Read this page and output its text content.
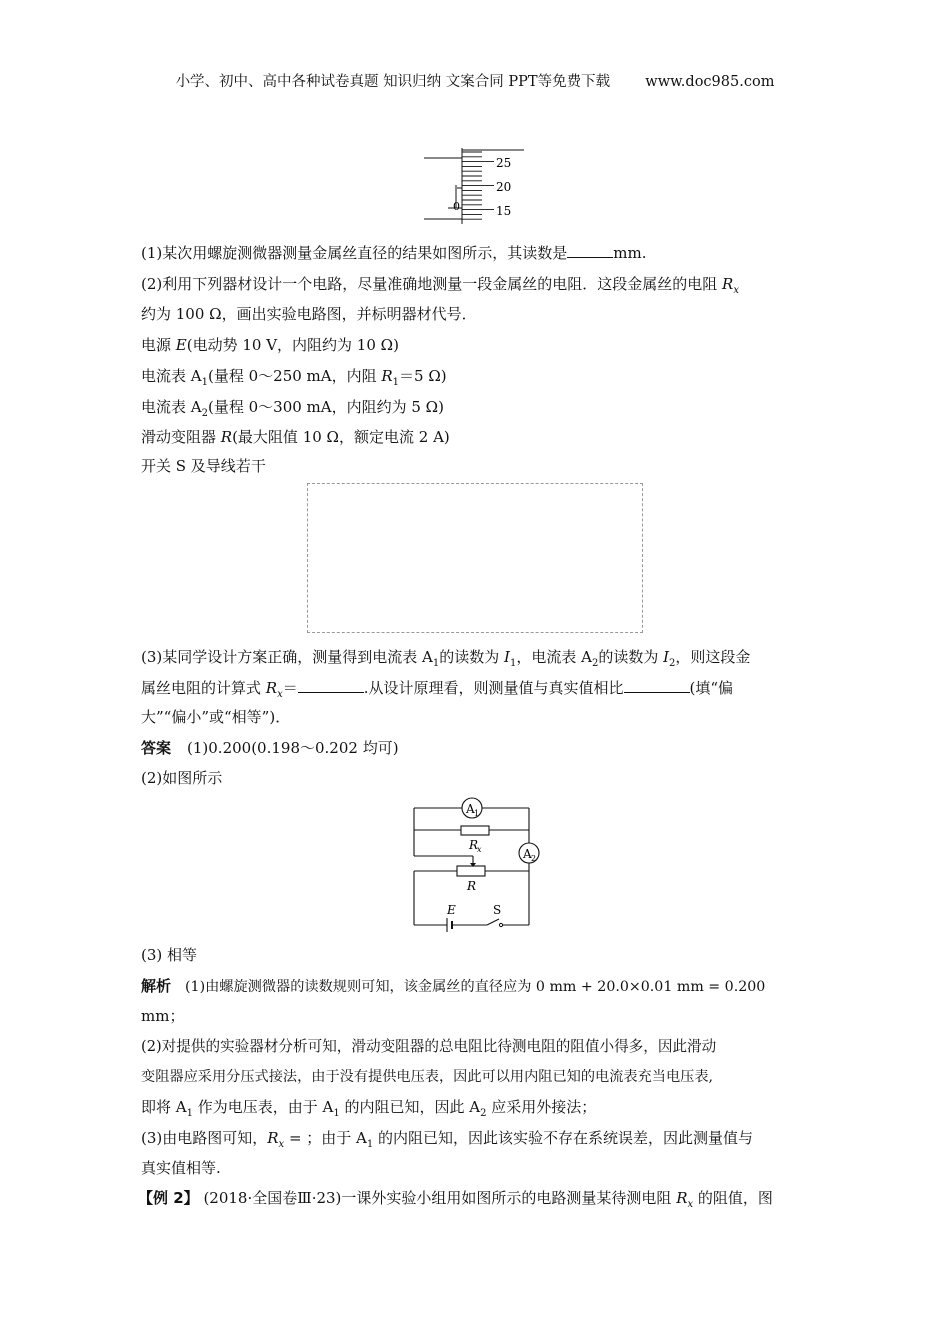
小学、初中、高中各种试卷真题 知识归纳 文案合同 PPT等免费下载 www.doc985.com
25
20
15
0
(1)某次用螺旋测微器测量金属丝直径的结果如图所示，其读数是	mm.
(2)利用下列器材设计一个电路，尽量准确地测量一段金属丝的电阻．这段金属丝的电阻 $R_x$
约为 100 Ω，画出实验电路图，并标明器材代号．
电源 E(电动势 10 V，内阻约为 10 Ω)
电流表 $A_1$(量程 0～250 mA，内阻 $R_1=5$ Ω)
电流表 $A_2$(量程 0～300 mA，内阻约为 5 Ω)
滑动变阻器 R(最大阻值 10 Ω，额定电流 2 A)
开关 S 及导线若干
(3)某同学设计方案正确，测量得到电流表 $A_1$的读数为 $I_1$，电流表 $A_2$的读数为 $I_2$，则这段金
属丝电阻的计算式 $R_x=$	.从设计原理看，则测量值与真实值相比	(填“偏
大”“偏小”或“相等”)．
答案 (1)0.200(0.198～0.202 均可)
(2)如图所示
A 1
R
x	A 2
R
E	S
(3) 相等
解析 (1)由螺旋测微器的读数规则可知，该金属丝的直径应为 0 mm + 20.0×0.01 mm = 0.200
mm；
(2)对提供的实验器材分析可知，滑动变阻器的总电阻比待测电阻的阻值小得多，因此滑动
变阻器应采用分压式接法，由于没有提供电压表，因此可以用内阻已知的电流表充当电压表,
即将 $A_1$ 作为电压表，由于 $A_1$ 的内阻已知，因此 $A_2$ 应采用外接法；
(3)由电路图可知，$R_x$ = ；由于 $A_1$ 的内阻已知，因此该实验不存在系统误差，因此测量值与
真实值相等.
【例 2】 (2018·全国卷Ⅲ·23)一课外实验小组用如图所示的电路测量某待测电阻 $R_x$ 的阻值，图
